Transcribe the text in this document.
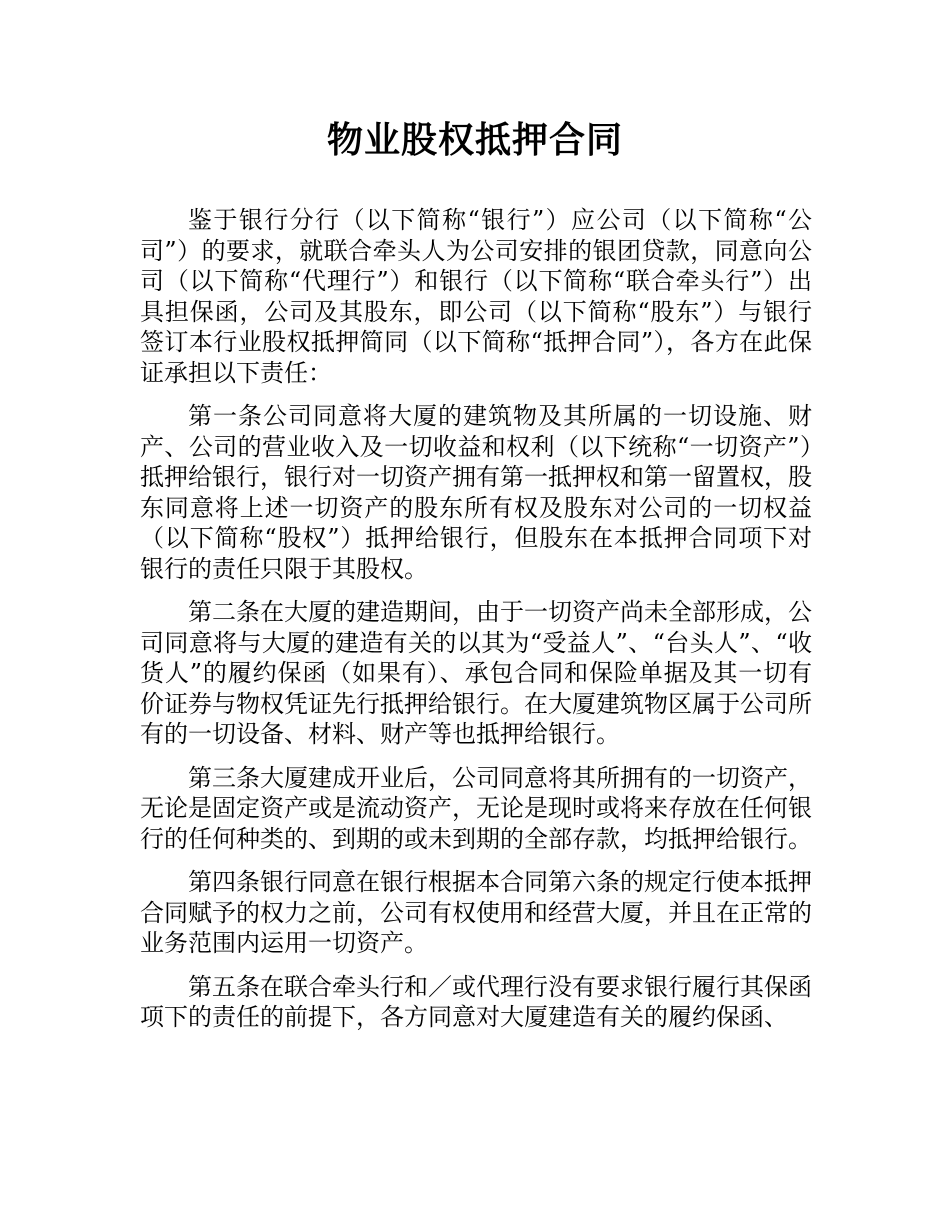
物业股权抵押合同

鉴于银行分行（以下简称“银行”）应公司（以下简称“公司”）的要求，就联合牵头人为公司安排的银团贷款，同意向公司（以下简称“代理行”）和银行（以下简称“联合牵头行”）出具担保函，公司及其股东，即公司（以下简称“股东”）与银行签订本行业股权抵押简同（以下简称“抵押合同”），各方在此保证承担以下责任：

第一条公司同意将大厦的建筑物及其所属的一切设施、财产、公司的营业收入及一切收益和权利（以下统称“一切资产”）抵押给银行，银行对一切资产拥有第一抵押权和第一留置权，股东同意将上述一切资产的股东所有权及股东对公司的一切权益（以下简称“股权”）抵押给银行，但股东在本抵押合同项下对银行的责任只限于其股权。

第二条在大厦的建造期间，由于一切资产尚未全部形成，公司同意将与大厦的建造有关的以其为“受益人”、“台头人”、“收货人”的履约保函（如果有）、承包合同和保险单据及其一切有价证券与物权凭证先行抵押给银行。在大厦建筑物区属于公司所有的一切设备、材料、财产等也抵押给银行。

第三条大厦建成开业后，公司同意将其所拥有的一切资产，无论是固定资产或是流动资产，无论是现时或将来存放在任何银行的任何种类的、到期的或未到期的全部存款，均抵押给银行。

第四条银行同意在银行根据本合同第六条的规定行使本抵押合同赋予的权力之前，公司有权使用和经营大厦，并且在正常的业务范围内运用一切资产。

第五条在联合牵头行和／或代理行没有要求银行履行其保函项下的责任的前提下，各方同意对大厦建造有关的履约保函、
